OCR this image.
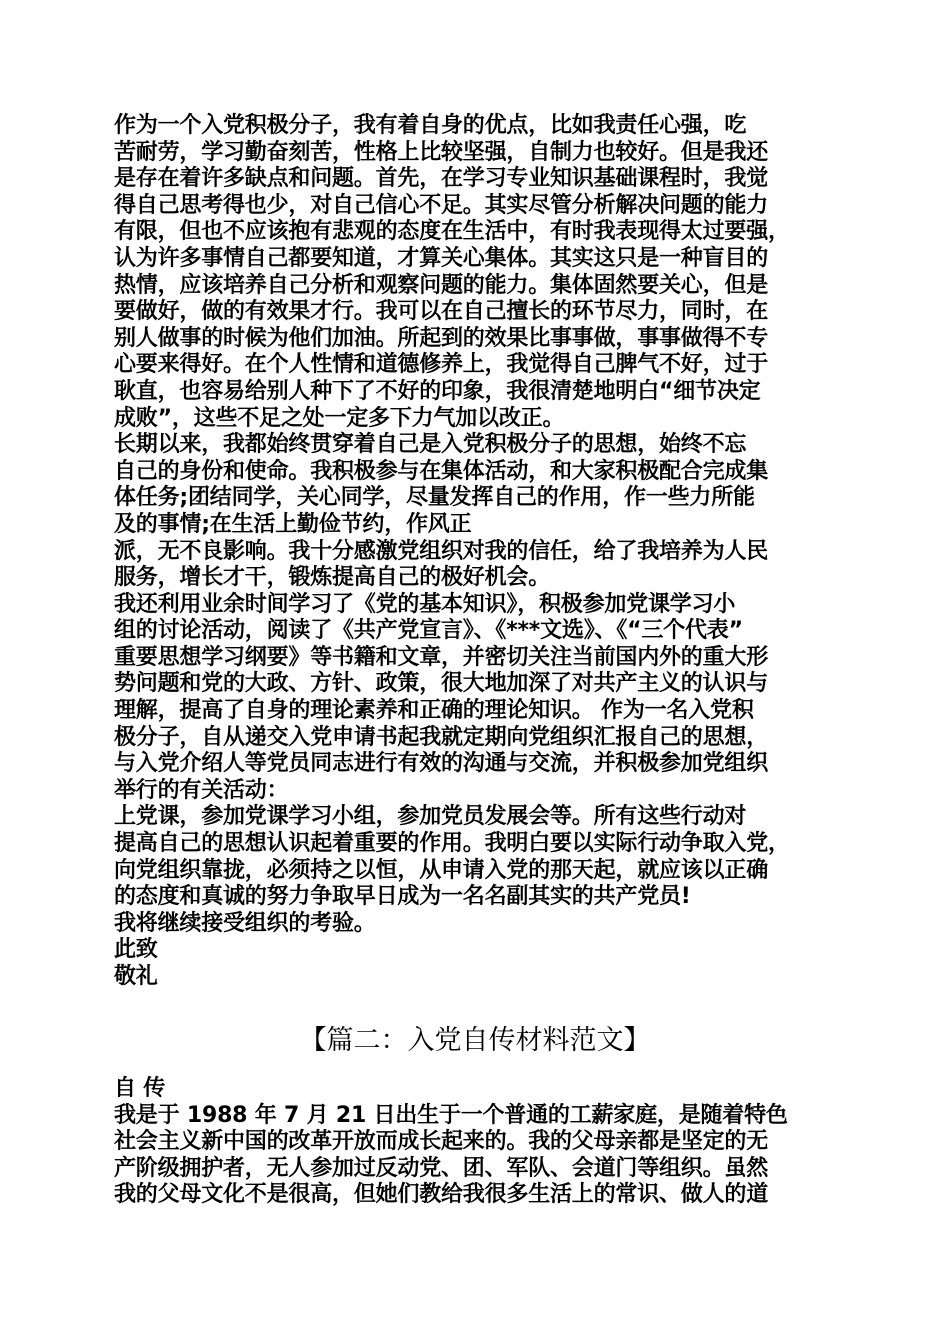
作为一个入党积极分子，我有着自身的优点，比如我责任心强，吃
苦耐劳，学习勤奋刻苦，性格上比较坚强，自制力也较好。但是我还
是存在着许多缺点和问题。首先，在学习专业知识基础课程时，我觉
得自己思考得也少，对自己信心不足。其实尽管分析解决问题的能力
有限，但也不应该抱有悲观的态度在生活中，有时我表现得太过要强，
认为许多事情自己都要知道，才算关心集体。其实这只是一种盲目的
热情，应该培养自己分析和观察问题的能力。集体固然要关心，但是
要做好，做的有效果才行。我可以在自己擅长的环节尽力，同时，在
别人做事的时候为他们加油。所起到的效果比事事做，事事做得不专
心要来得好。在个人性情和道德修养上，我觉得自己脾气不好，过于
耿直，也容易给别人种下了不好的印象，我很清楚地明白“细节决定
成败”，这些不足之处一定多下力气加以改正。
长期以来，我都始终贯穿着自己是入党积极分子的思想，始终不忘
自己的身份和使命。我积极参与在集体活动，和大家积极配合完成集
体任务;团结同学，关心同学，尽量发挥自己的作用，作一些力所能
及的事情;在生活上勤俭节约，作风正
派，无不良影响。我十分感激党组织对我的信任，给了我培养为人民
服务，增长才干，锻炼提高自己的极好机会。
我还利用业余时间学习了《党的基本知识》，积极参加党课学习小
组的讨论活动，阅读了《共产党宣言》、《***文选》、《“三个代表”
重要思想学习纲要》等书籍和文章，并密切关注当前国内外的重大形
势问题和党的大政、方针、政策，很大地加深了对共产主义的认识与
理解，提高了自身的理论素养和正确的理论知识。 作为一名入党积
极分子，自从递交入党申请书起我就定期向党组织汇报自己的思想，
与入党介绍人等党员同志进行有效的沟通与交流，并积极参加党组织
举行的有关活动：
上党课，参加党课学习小组，参加党员发展会等。所有这些行动对
提高自己的思想认识起着重要的作用。我明白要以实际行动争取入党，
向党组织靠拢，必须持之以恒，从申请入党的那天起，就应该以正确
的态度和真诚的努力争取早日成为一名名副其实的共产党员!
我将继续接受组织的考验。
此致
敬礼
【篇二：入党自传材料范文】
自 传
我是于 1988 年 7 月 21 日出生于一个普通的工薪家庭，是随着特色
社会主义新中国的改革开放而成长起来的。我的父母亲都是坚定的无
产阶级拥护者，无人参加过反动党、团、军队、会道门等组织。虽然
我的父母文化不是很高，但她们教给我很多生活上的常识、做人的道
